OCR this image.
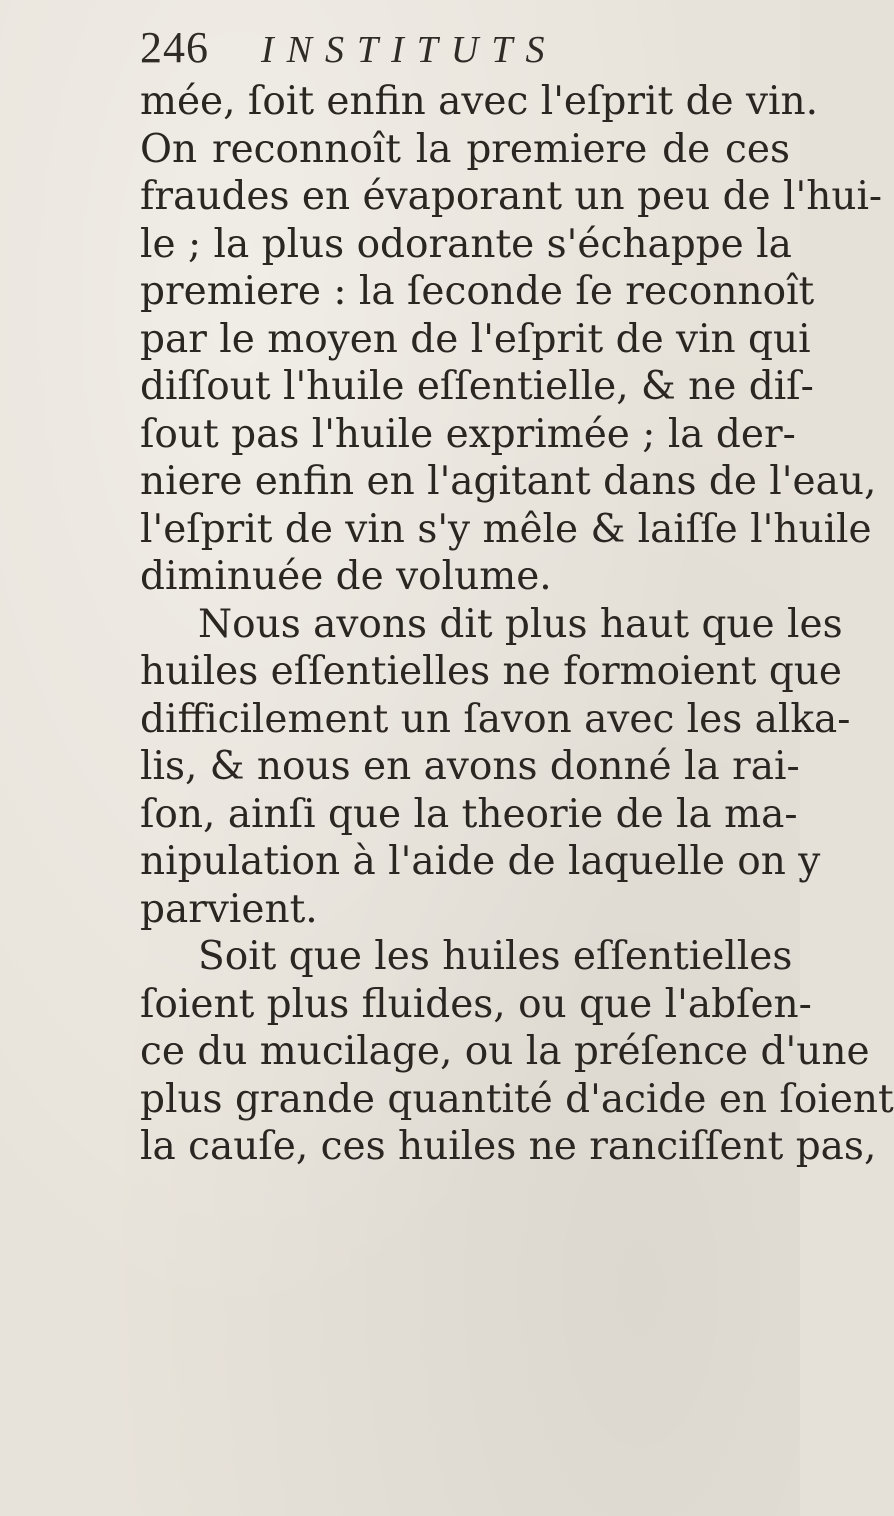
246 INSTITUTS
mée, ſoit enfin avec l'eſprit de vin.
On reconnoît la premiere de ces
fraudes en évaporant un peu de l'hui-
le ; la plus odorante s'échappe la
premiere : la ſeconde ſe reconnoît
par le moyen de l'eſprit de vin qui
diſſout l'huile eſſentielle, & ne diſ-
ſout pas l'huile exprimée ; la der-
niere enfin en l'agitant dans de l'eau,
l'eſprit de vin s'y mêle & laiſſe l'huile
diminuée de volume.
Nous avons dit plus haut que les
huiles eſſentielles ne formoient que
difficilement un ſavon avec les alka-
lis, & nous en avons donné la rai-
ſon, ainſi que la theorie de la ma-
nipulation à l'aide de laquelle on y
parvient.
Soit que les huiles eſſentielles
ſoient plus fluides, ou que l'abſen-
ce du mucilage, ou la préſence d'une
plus grande quantité d'acide en ſoient
la cauſe, ces huiles ne ranciſſent pas,
